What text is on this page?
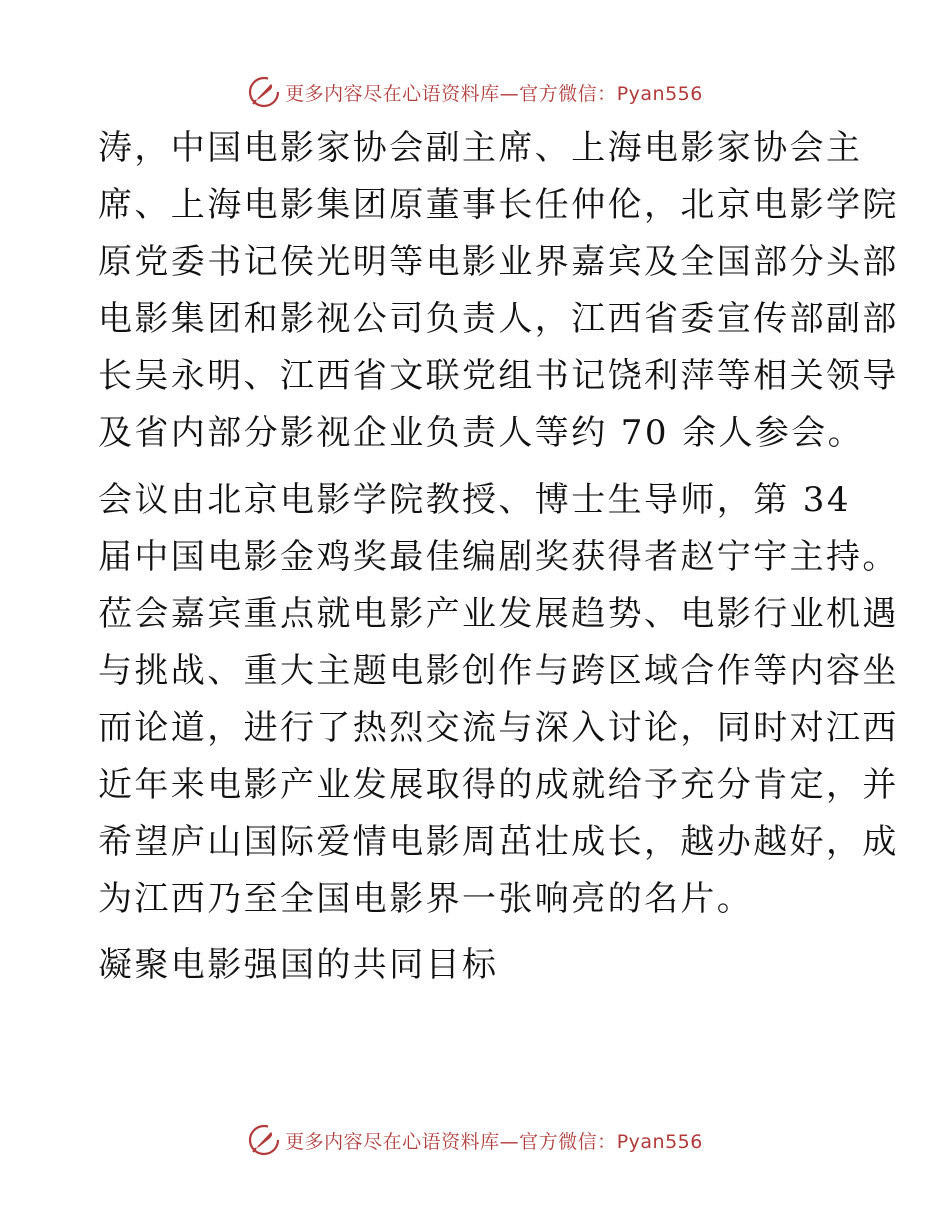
更多内容尽在心语资料库—官方微信：Pyan556
涛，中国电影家协会副主席、上海电影家协会主
席、上海电影集团原董事长任仲伦，北京电影学院
原党委书记侯光明等电影业界嘉宾及全国部分头部
电影集团和影视公司负责人，江西省委宣传部副部
长吴永明、江西省文联党组书记饶利萍等相关领导
及省内部分影视企业负责人等约 70 余人参会。
会议由北京电影学院教授、博士生导师，第 34
届中国电影金鸡奖最佳编剧奖获得者赵宁宇主持。
莅会嘉宾重点就电影产业发展趋势、电影行业机遇
与挑战、重大主题电影创作与跨区域合作等内容坐
而论道，进行了热烈交流与深入讨论，同时对江西
近年来电影产业发展取得的成就给予充分肯定，并
希望庐山国际爱情电影周茁壮成长，越办越好，成
为江西乃至全国电影界一张响亮的名片。
凝聚电影强国的共同目标
更多内容尽在心语资料库—官方微信：Pyan556
